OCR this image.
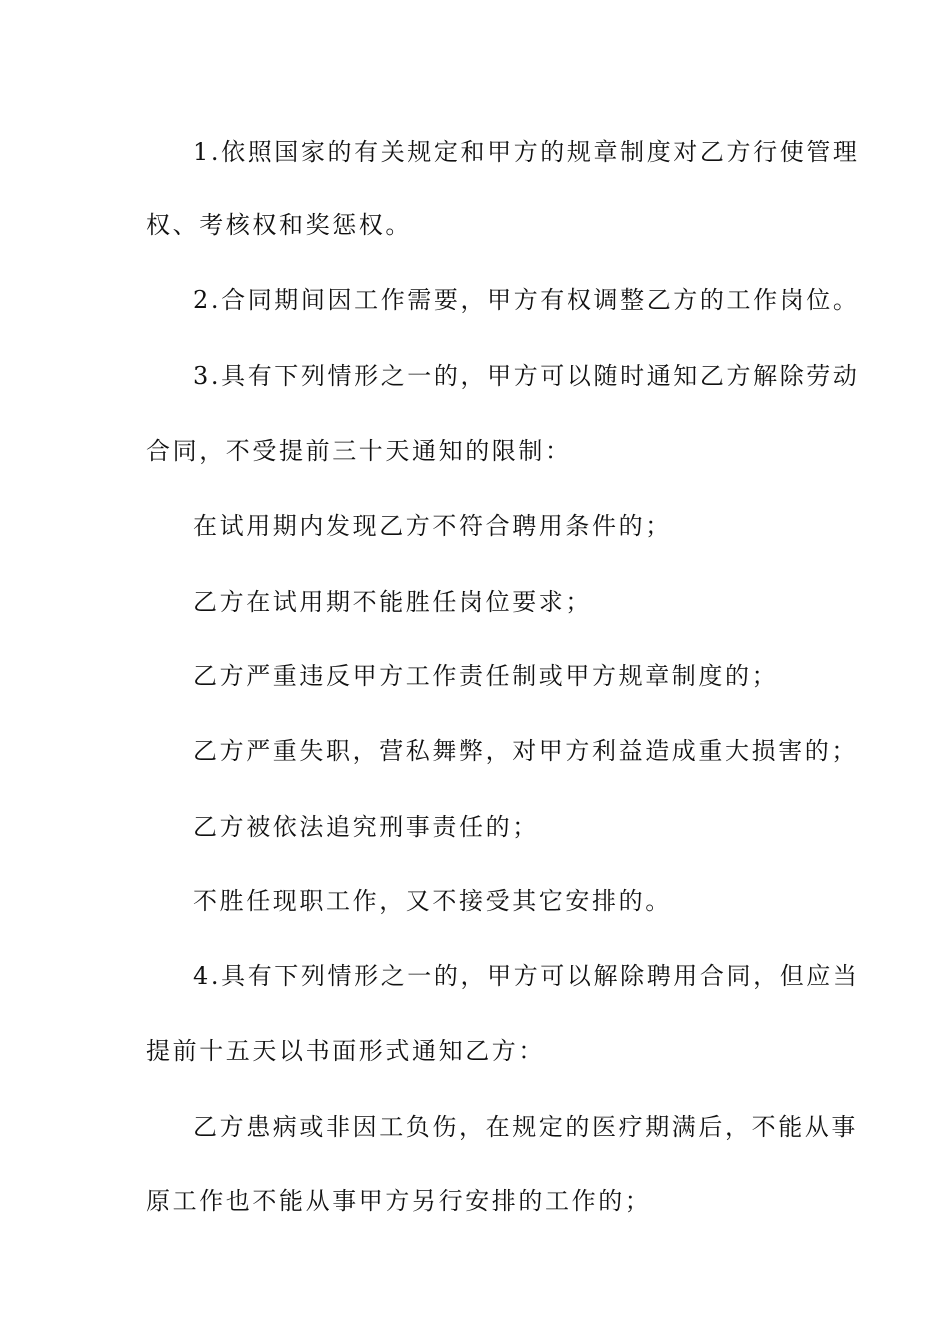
1.依照国家的有关规定和甲方的规章制度对乙方行使管理
权、考核权和奖惩权。
2.合同期间因工作需要，甲方有权调整乙方的工作岗位。
3.具有下列情形之一的，甲方可以随时通知乙方解除劳动
合同，不受提前三十天通知的限制：
在试用期内发现乙方不符合聘用条件的；
乙方在试用期不能胜任岗位要求；
乙方严重违反甲方工作责任制或甲方规章制度的；
乙方严重失职，营私舞弊，对甲方利益造成重大损害的；
乙方被依法追究刑事责任的；
不胜任现职工作，又不接受其它安排的。
4.具有下列情形之一的，甲方可以解除聘用合同，但应当
提前十五天以书面形式通知乙方：
乙方患病或非因工负伤，在规定的医疗期满后，不能从事
原工作也不能从事甲方另行安排的工作的；
